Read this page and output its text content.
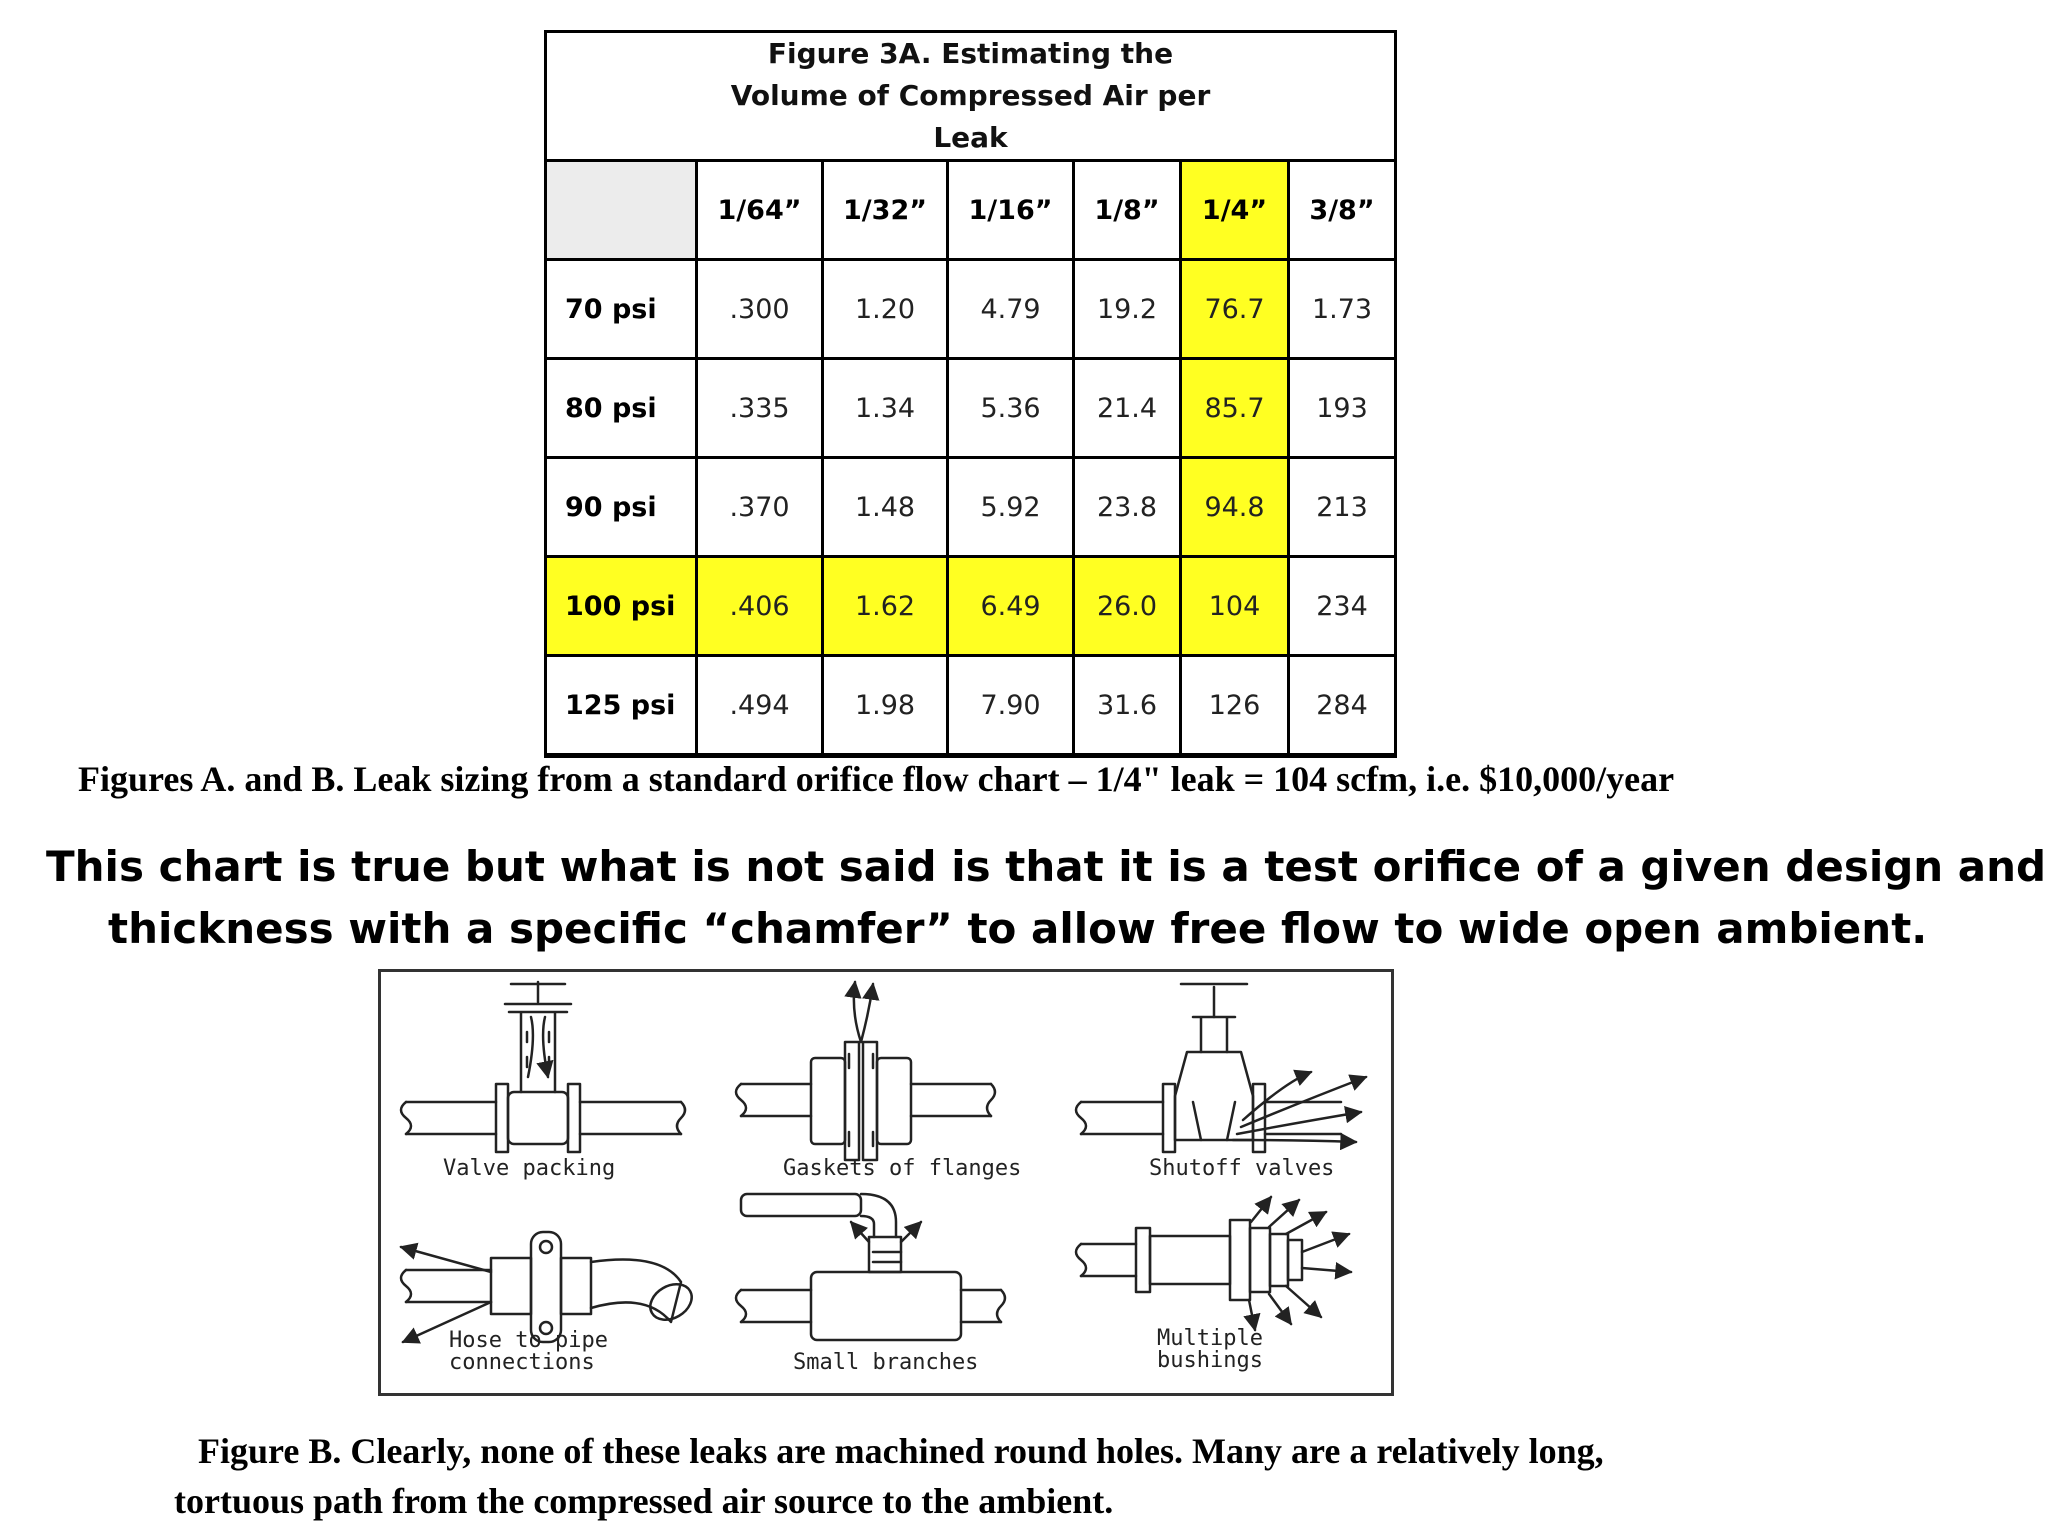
Figure 3A. Estimating the Volume of Compressed Air per Leak						

	1/64”	1/32”	1/16”	1/8”	1/4”	3/8”
70 psi	.300	1.20	4.79	19.2	76.7	1.73
80 psi	.335	1.34	5.36	21.4	85.7	193
90 psi	.370	1.48	5.92	23.8	94.8	213
100 psi	.406	1.62	6.49	26.0	104	234
125 psi	.494	1.98	7.90	31.6	126	284
Figures A. and B. Leak sizing from a standard orifice flow chart – 1/4" leak = 104 scfm, i.e. $10,000/year
This chart is true but what is not said is that it is a test orifice of a given design and
thickness with a specific “chamfer” to allow free flow to wide open ambient.
Valve packing	Gaskets of flanges	Shutoff valves
Hose to pipe
connections	Small branches
Multiple
bushings
Figure B. Clearly, none of these leaks are machined round holes. Many are a relatively long,
tortuous path from the compressed air source to the ambient.
